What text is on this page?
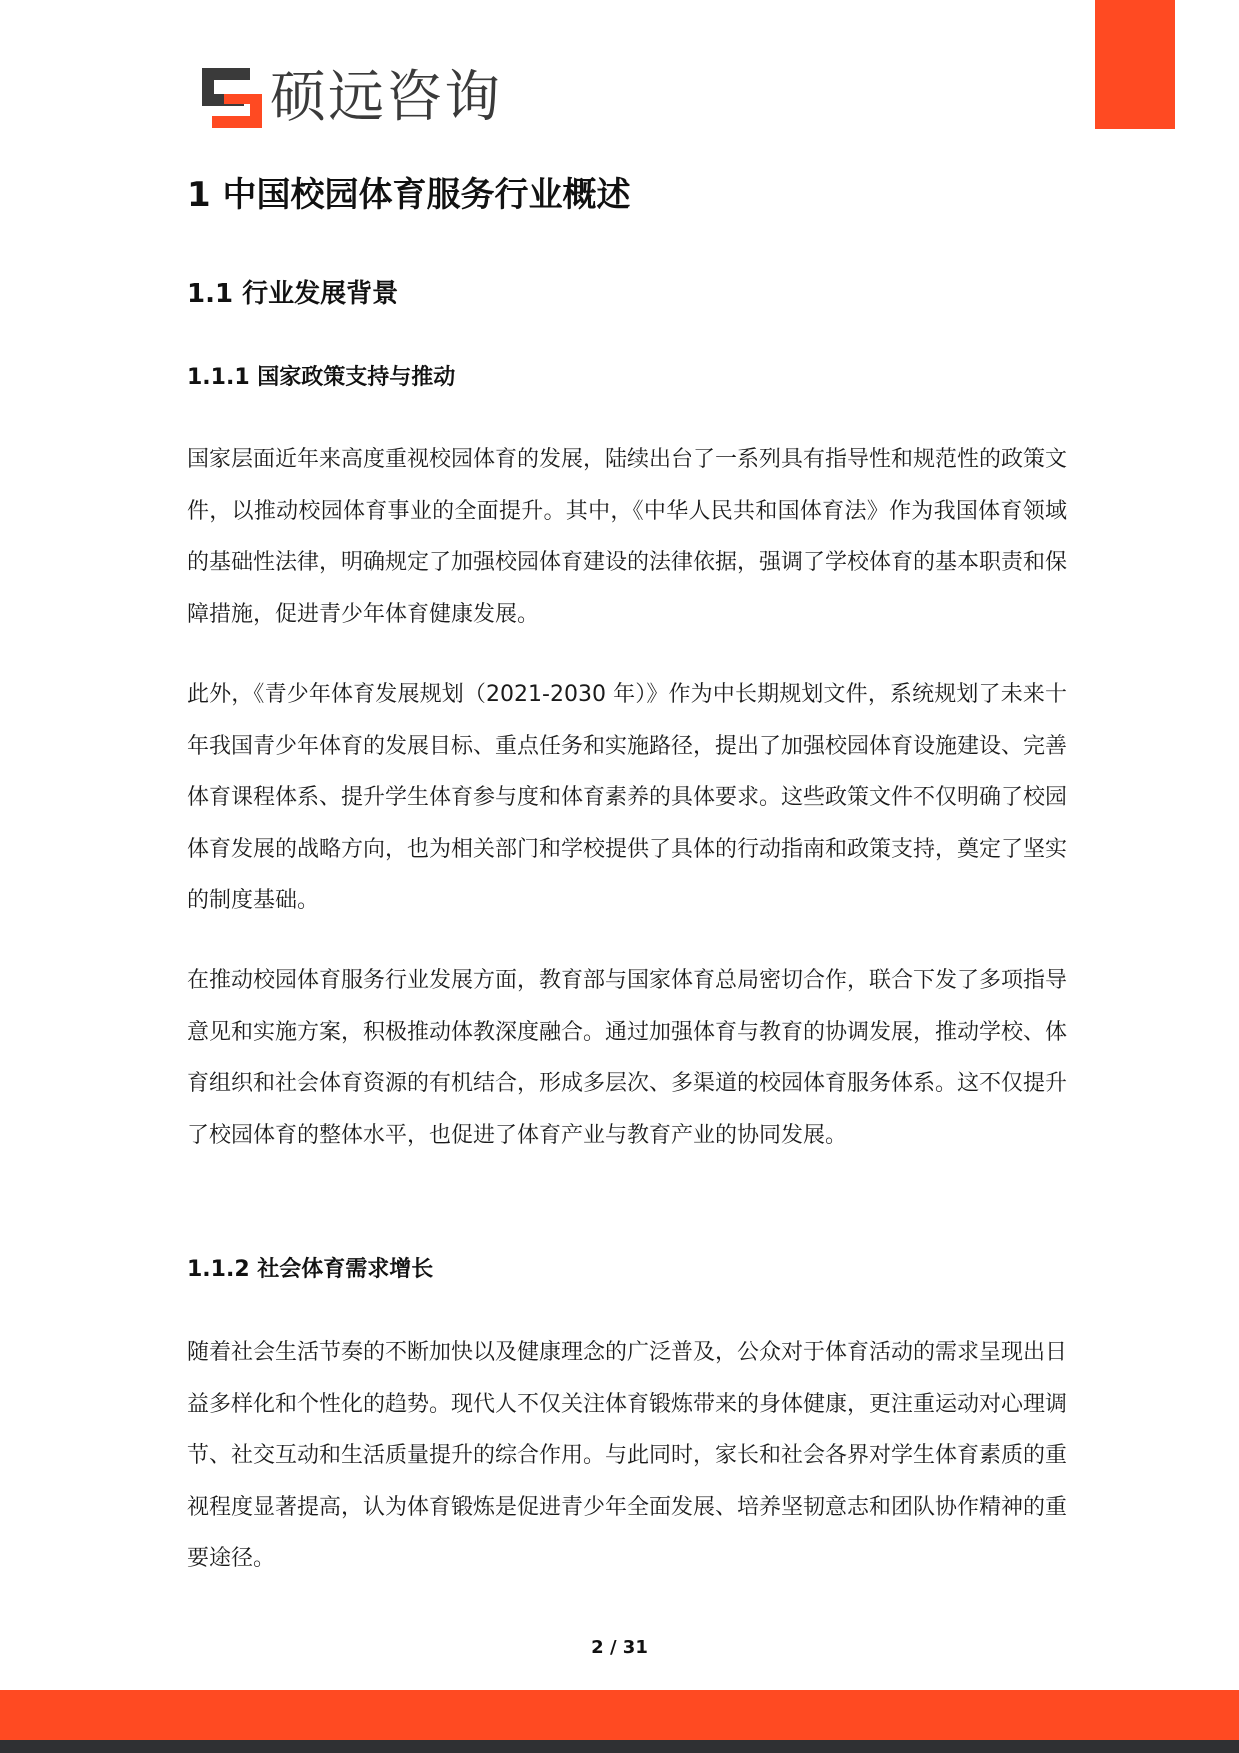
硕远咨询
1 中国校园体育服务行业概述
1.1 行业发展背景
1.1.1 国家政策支持与推动

国家层面近年来高度重视校园体育的发展，陆续出台了一系列具有指导性和规范性的政策文件，以推动校园体育事业的全面提升。其中，《中华人民共和国体育法》作为我国体育领域的基础性法律，明确规定了加强校园体育建设的法律依据，强调了学校体育的基本职责和保障措施，促进青少年体育健康发展。

此外，《青少年体育发展规划（2021-2030 年）》作为中长期规划文件，系统规划了未来十年我国青少年体育的发展目标、重点任务和实施路径，提出了加强校园体育设施建设、完善体育课程体系、提升学生体育参与度和体育素养的具体要求。这些政策文件不仅明确了校园体育发展的战略方向，也为相关部门和学校提供了具体的行动指南和政策支持，奠定了坚实的制度基础。

在推动校园体育服务行业发展方面，教育部与国家体育总局密切合作，联合下发了多项指导意见和实施方案，积极推动体教深度融合。通过加强体育与教育的协调发展，推动学校、体育组织和社会体育资源的有机结合，形成多层次、多渠道的校园体育服务体系。这不仅提升了校园体育的整体水平，也促进了体育产业与教育产业的协同发展。

1.1.2 社会体育需求增长

随着社会生活节奏的不断加快以及健康理念的广泛普及，公众对于体育活动的需求呈现出日益多样化和个性化的趋势。现代人不仅关注体育锻炼带来的身体健康，更注重运动对心理调节、社交互动和生活质量提升的综合作用。与此同时，家长和社会各界对学生体育素质的重视程度显著提高，认为体育锻炼是促进青少年全面发展、培养坚韧意志和团队协作精神的重要途径。

2 / 31
